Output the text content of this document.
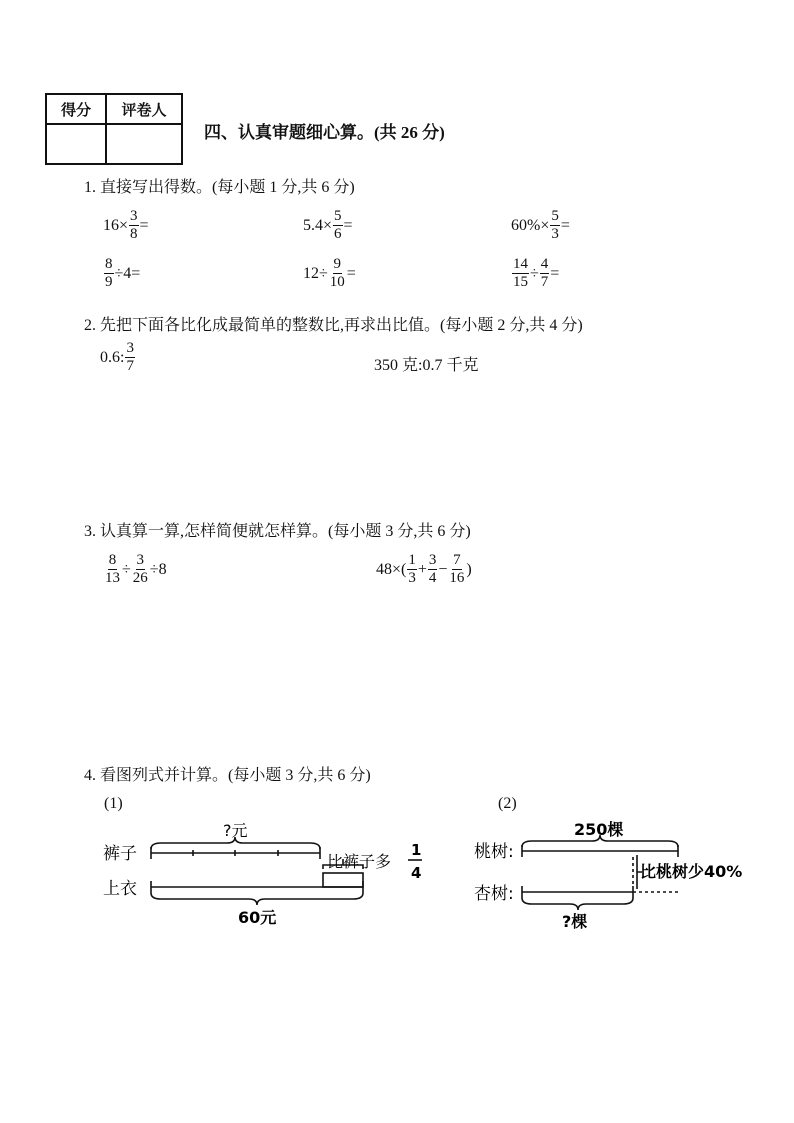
得分	评卷人

四、认真审题细心算。(共 26 分)
1. 直接写出得数。(每小题 1 分,共 6 分)
$16\times \frac{3}{8}$ =	$5.4\times \frac{5}{6}$ =	$60\%\times \frac{5}{3}$ =
$\frac{8}{9} \div 4=$	$12\div \frac{9}{10}$ =	$\frac{14}{15} \div \frac{4}{7}$ =
2. 先把下面各比化成最简单的整数比,再求出比值。(每小题 2 分,共 4 分)
0.6: $\frac{3}{7}$	350 克:0.7 千克
3. 认真算一算,怎样简便就怎样算。(每小题 3 分,共 6 分)
$\frac{8}{13} \div \frac{3}{26} \div 8$	$48\times( \frac{1}{3} + \frac{3}{4} - \frac{7}{16}$ )
4. 看图列式并计算。(每小题 3 分,共 6 分)
(1)	(2)
裤子
上衣
?元
60元
比裤子多
1
4
桃树:
杏树:
250棵
?棵
比桃树少40%
